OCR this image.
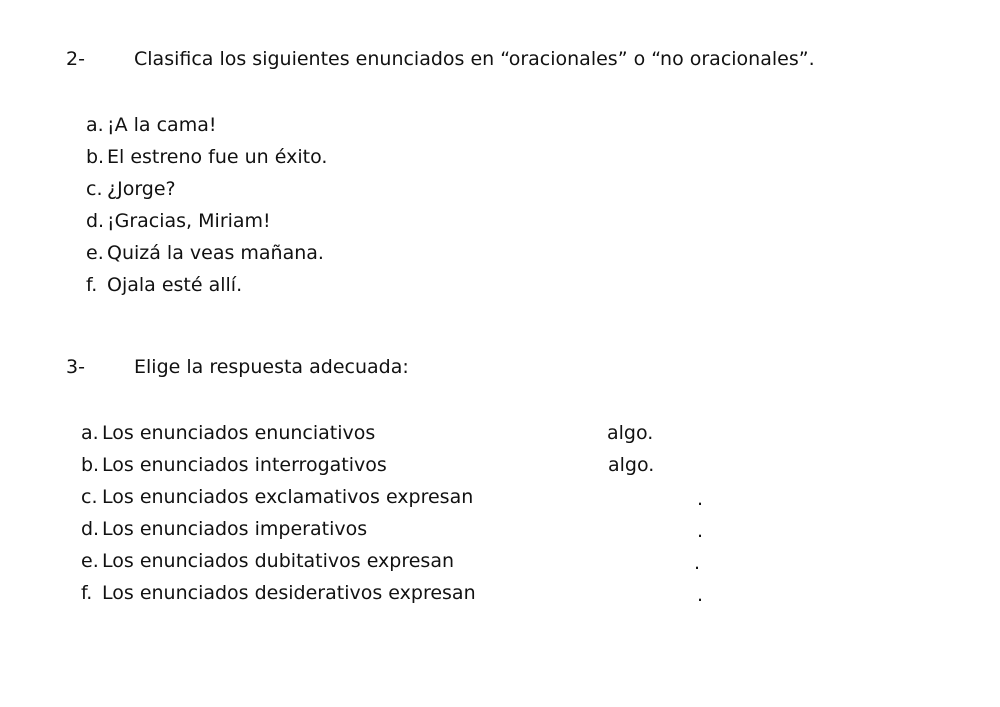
2-	Clasifica los siguientes enunciados en “oracionales” o “no oracionales”.
a. ¡A la cama!
b. El estreno fue un éxito.
c. ¿Jorge?
d. ¡Gracias, Miriam!
e. Quizá la veas mañana.
f. Ojala esté allí.
3-	Elige la respuesta adecuada:
a. Los enunciados enunciativos	algo.
b. Los enunciados interrogativos	algo.
c. Los enunciados exclamativos expresan	.
d. Los enunciados imperativos	.
e. Los enunciados dubitativos expresan	.
f. Los enunciados desiderativos expresan	.
